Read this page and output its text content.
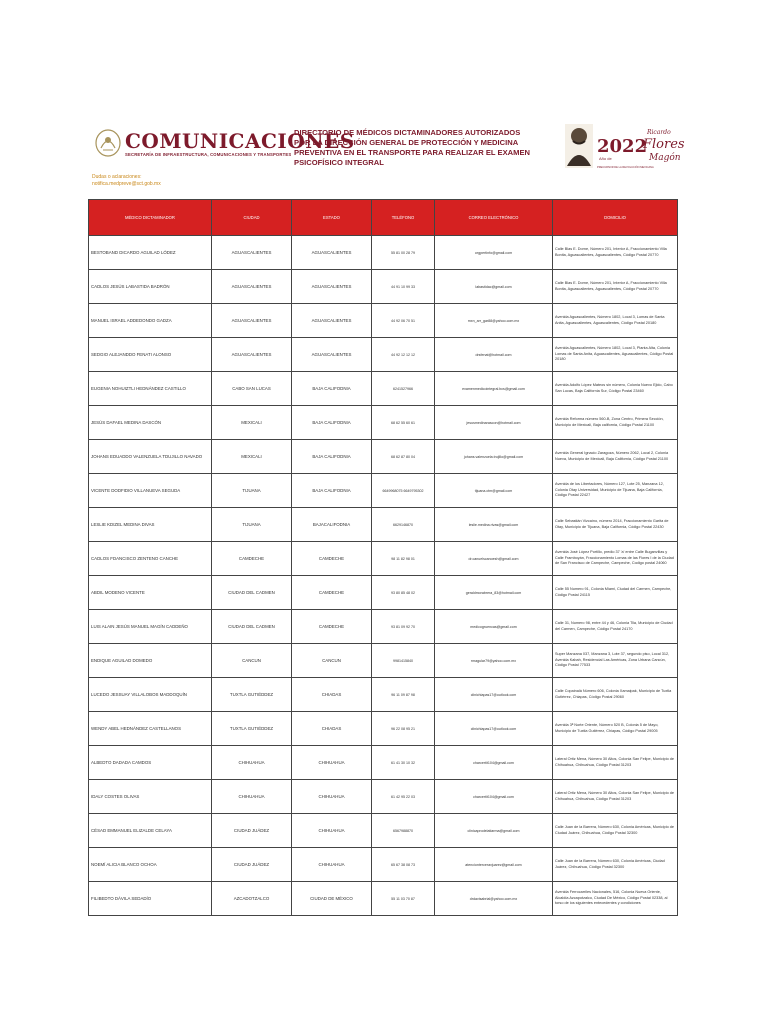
COMUNICACIONES
SECRETARÍA DE INFRAESTRUCTURA, COMUNICACIONES Y TRANSPORTES
DIRECTORIO DE MÉDICOS DICTAMINADORES AUTORIZADOS POR LA DIRECCIÓN GENERAL DE PROTECCIÓN Y MEDICINA PREVENTIVA EN EL TRANSPORTE PARA REALIZAR EL EXAMEN PSICOFÍSICO INTEGRAL
2022
Año de
Ricardo
Flores
Magón
PRECURSOR DE LA REVOLUCIÓN MEXICANA
Dudas o aclaraciones:
notifica.medpreve@sct.gob.mx
MÉDICO DICTAMINADOR	CIUDAD	ESTADO	TELÉFONO	CORREO ELECTRÓNICO	DOMICILIO
BESTOBAND DICARDO AGUILAD LÓDEZ	AGUASCALIENTES	AGUASCALIENTES	55 81 00 28 79	orgpertinfo@gmail.com	Calle Blas E. Dorne, Número 201, Interior A, Fraccionamiento Villa Bonita, Aguascalientes, Aguascalientes, Código Postal 20770
CADLOS JESÚS LABASTIDA BADRÓN	AGUASCALIENTES	AGUASCALIENTES	44 91 10 99 33	labastidac@gmail.com	Calle Blas E. Dorne, Número 201, Interior A, Fraccionamiento Villa Bonita, Aguascalientes, Aguascalientes, Código Postal 20770
MANUEL ISRAEL ADDEDONDO GADZA	AGUASCALIENTES	AGUASCALIENTES	44 92 06 70 51	mxn_arr_gar88@yahoo.com.mx	Avenida Aguascalientes, Número 1802, Local 3, Lomas de Santa Anita, Aguascalientes, Aguascalientes, Código Postal 20180
SEDGIO ALEJANDDO FENATI ALONSO	AGUASCALIENTES	AGUASCALIENTES	44 92 12 12 12	drsfenat@hotmail.com	Avenida Aguascalientes, Número 1802, Local 3, Planta Alta, Colonia Lomas de Santa Anita, Aguascalientes, Aguascalientes, Código Postal 20180
EUGENIA NOHUIZTLI HEDNÁNDEZ CASTILLO	CABO SAN LUCAS	BAJA CALIFODNIA	6241527966	examenmedicointegral.bcs@gmail.com	Avenida Adolfo López Mateos sin número, Colonia Nuevo Ejido, Cabo San Lucas, Baja California Sur, Código Postal 23460
JESÚS DAFAEL MEDINA DASCÓN	MEXICALI	BAJA CALIFODNIA	68 62 55 60 61	jesusmedinarascon@hotmail.com	Avenida Reforma número 560-B, Zona Centro, Primera Sección, Municipio de Mexicali, Baja california, Código Postal 21100
JOHANS EDUADDO VALENZUELA TDUJILLO NAVADO	MEXICALI	BAJA CALIFODNIA	68 62 87 80 04	johans.valenzuela.trujillo@gmail.com	Avenida General Ignacio Zaragoza, Número 2062, Local 2, Colonia Nueva, Municipio de Mexicali, Baja California, Código Postal 21100
VICENTE DODFIDIO VILLANUEVA SEGUDA	TIJUANA	BAJA CALIFODNIA	6649968075 6649795302	tijuana.ctm@gmail.com	Avenida de los Libertadores, Número 127, Lote 25, Manzana 12, Colonia Otay Universidad, Municipio de Tijuana, Baja California, Código Postal 22427
LESLIE KDIZEL MEDINA DIVAS	TIJUANA	BAJACALIFODNIA	6629146870	leslie.medina.rivas@gmail.com	Calle Sebastián Vizcaíno, número 2014, Fraccionamiento Garita de Otay, Municipio de Tijuana, Baja California, Código Postal 22430
CADLOS FDANCISCO ZENTENO CANCHE	CAMDECHE	CAMDECHE	98 11 82 98 01	dr.canuelscanoesh@gmail.com	Avenida José López Portillo, predio 37 'a' entre Calle Buganvilias y Calle Framboyán, Fraccionamiento Lomas de las Flores I de la Ciudad de San Francisco de Campeche, Campeche, Codigo postal 24060
ABDIL MODENO VICENTE	CIUDAD DEL CADMEN	CAMDECHE	93 80 85 48 02	geraldmorabrera_83@hotmail.com	Calle 55 Numero 91, Colonia Miami, Ciudad del Carmen, Campeche, Código Postal 24115
LUIS ALAIN JESÚS MANUEL MAGÍN CADDEÑO	CIUDAD DEL CADMEN	CAMDECHE	93 81 09 92 70	medicogruencas@gmail.com	Calle 31, Numero 98, entre 44 y 46, Colonia Tila, Municipio de Ciudad del Carmen, Campeche, Código Postal 24170
ENDIQUE AGUILAD DOMEDO	CANCUN	CANCUN	9981415840	rmagular79@yahoo.com.mx	Super Manzana 037, Manzana 3, Lote 37, segundo piso, Local 312, Avenida Kabah, Residencial Las Américas, Zona Urbana Cancún, Código Postal 77533
LUCEDO JESSUAY VILLALOBOS MADDOQUÍN	TUXTLA GUTIÉDDEZ	CHIADAS	96 11 09 87 98	clinichiapas17@outlook.com	Calle Copainalá Número 606, Colonia Xamaipak, Municipio de Tuxtla Gutiérrez, Chiapas, Código Postal 29060
WENDY ABEL HEDNÁNDEZ CASTELLANOS	TUXTLA GUTIÉDDEZ	CHIADAS	96 22 08 95 21	clinichiapas17@outlook.com	Avenida 3ª Norte Oriente, Número 520 B, Colonia 5 de Mayo, Municipio de Tuxtla Gutiérrez, Chiapas, Código Postal 29005
ALBEDTO DADADA CAMDOS	CHIHUAHUA	CHIHUAHUA	61 41 30 10 32	charcertit104@gmail.com	Lateral Ortiz Mena, Número 30 Altos, Colonia San Felipe, Municipio de Chihuahua, Chihuahua, Código Postal 31203
IDALY COSTES OLIVAS	CHIHUAHUA	CHIHUAHUA	61 42 95 22 03	charcertit104@gmail.com	Lateral Ortiz Mena, Número 30 Altos, Colonia San Felipe, Municipio de Chihuahua, Chihuahua, Código Postal 31203
CÉSAD EMMANUEL ELIZALDE CELAYA	CIUDAD JUÁDEZ	CHIHUAHUA	6567988870	clinicaprodelatiarma@gmail.com	Calle Juan de la Barrera, Número 630, Colonia Américas, Municipio de Ciudad Juárez, Chihuahua, Código Postal 32300
NOEMÍ ALICIA BLANCO OCHOA	CIUDAD JUÁDEZ	CHIHUAHUA	65 67 38 08 73	atencionterceraxjuarez@gmail.com	Calle Juan de la Barrera, Número 630, Colonia Américas, Ciudad Juárez, Chihuahua, Código Postal 32300
FILIBEDTO DÁVILA SEDADÍO	AZCADOTZALCO	CIUDAD DE MÉXICO	55 11 03 70 87	drdavisabrial@yahoo.com.mx	Avenida Ferrocarriles Nacionales, 516, Colonia Nueva Oriente, Alcaldía Azcapotzalco, Ciudad De México, Código Postal 02338, al torso de los siguientes entecedentes y condiciones
